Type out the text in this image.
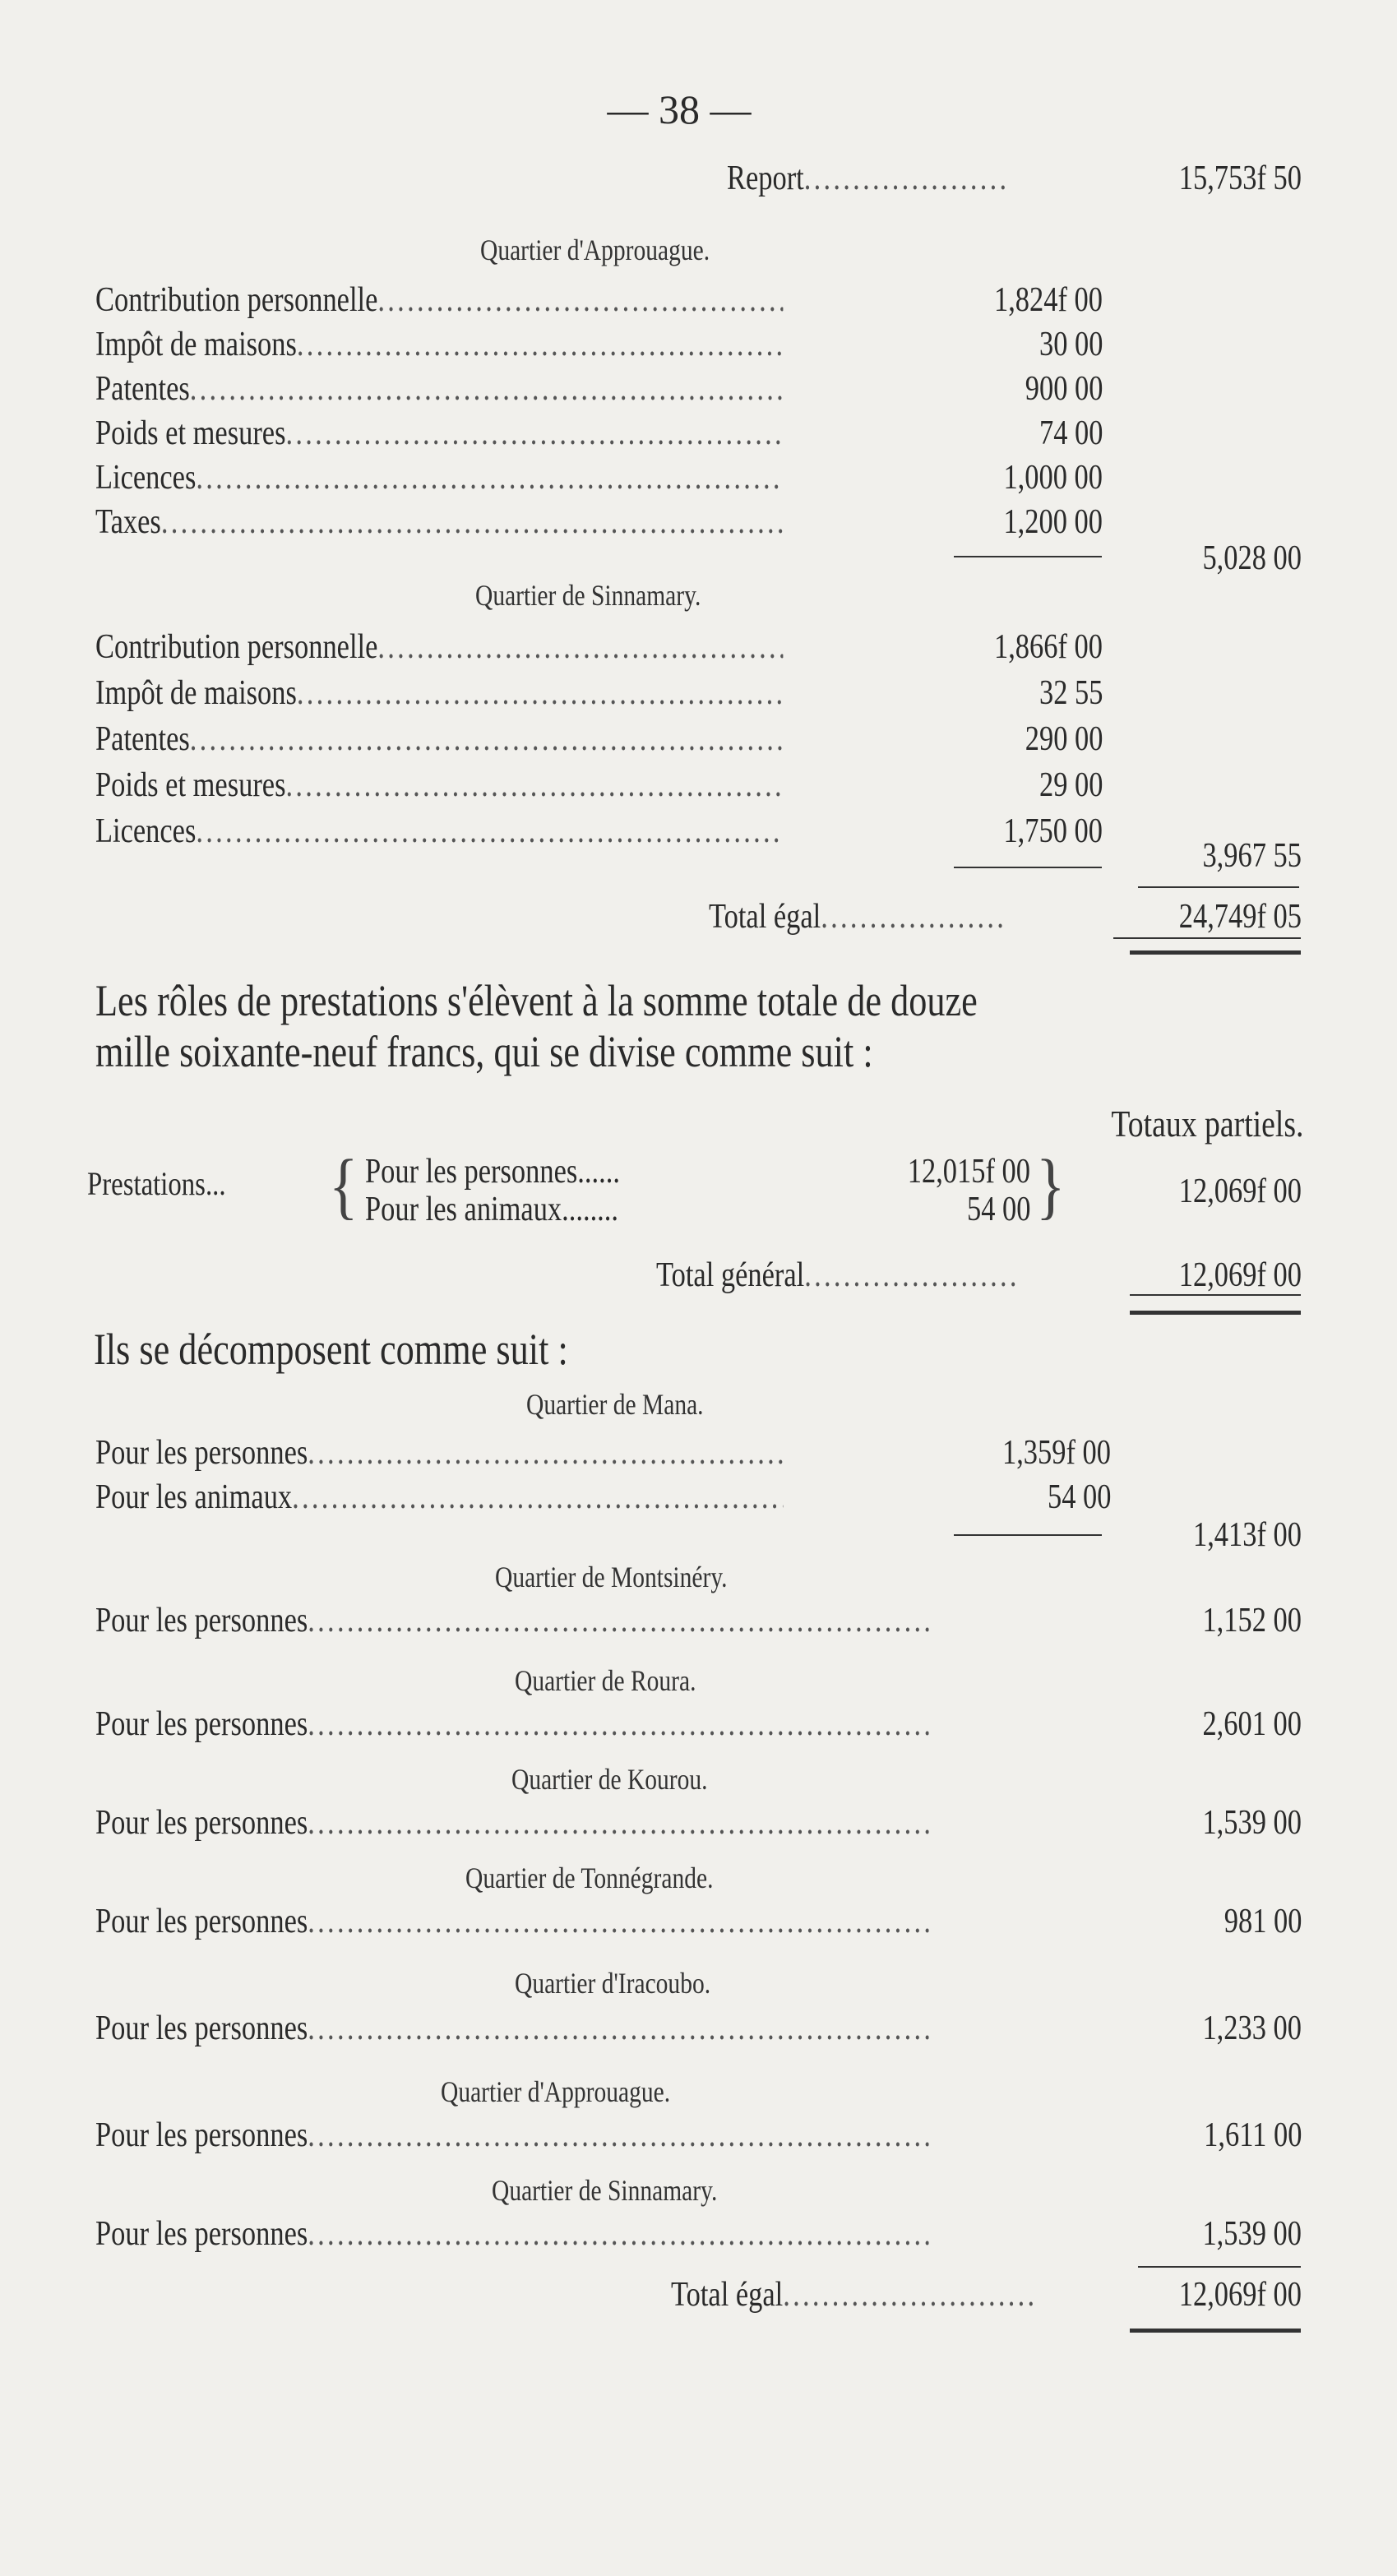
— 38 —
Report .....	15,753f 50
Quartier d'Approuague.
Contribution personnelle .....	1,824f 00
Impôt de maisons .....	30 00
Patentes .....	900 00
Poids et mesures .....	74 00
Licences .....	1,000 00
Taxes .....	1,200 00
5,028 00
Quartier de Sinnamary.
Contribution personnelle .....	1,866f 00
Impôt de maisons .....	32 55
Patentes .....	290 00
Poids et mesures .....	29 00
Licences .....	1,750 00
3,967 55
Total égal .....	24,749f 05
Les rôles de prestations s'élèvent à la somme totale de douze
mille soixante-neuf francs, qui se divise comme suit :
Totaux partiels.
Prestations... { Pour les personnes......	12,015f 00
Pour les animaux........	54 00 }	12,069f 00
Total général .....	12,069f 00
Ils se décomposent comme suit :
Quartier de Mana.
Pour les personnes .....	1,359f 00
Pour les animaux .....	54 00
1,413f 00
Quartier de Montsinéry.
Pour les personnes .....	1,152 00
Quartier de Roura.
Pour les personnes .....	2,601 00
Quartier de Kourou.
Pour les personnes .....	1,539 00
Quartier de Tonnégrande.
Pour les personnes .....	981 00
Quartier d'Iracoubo.
Pour les personnes .....	1,233 00
Quartier d'Approuague.
Pour les personnes .....	1,611 00
Quartier de Sinnamary.
Pour les personnes .....	1,539 00
Total égal .....	12,069f 00
